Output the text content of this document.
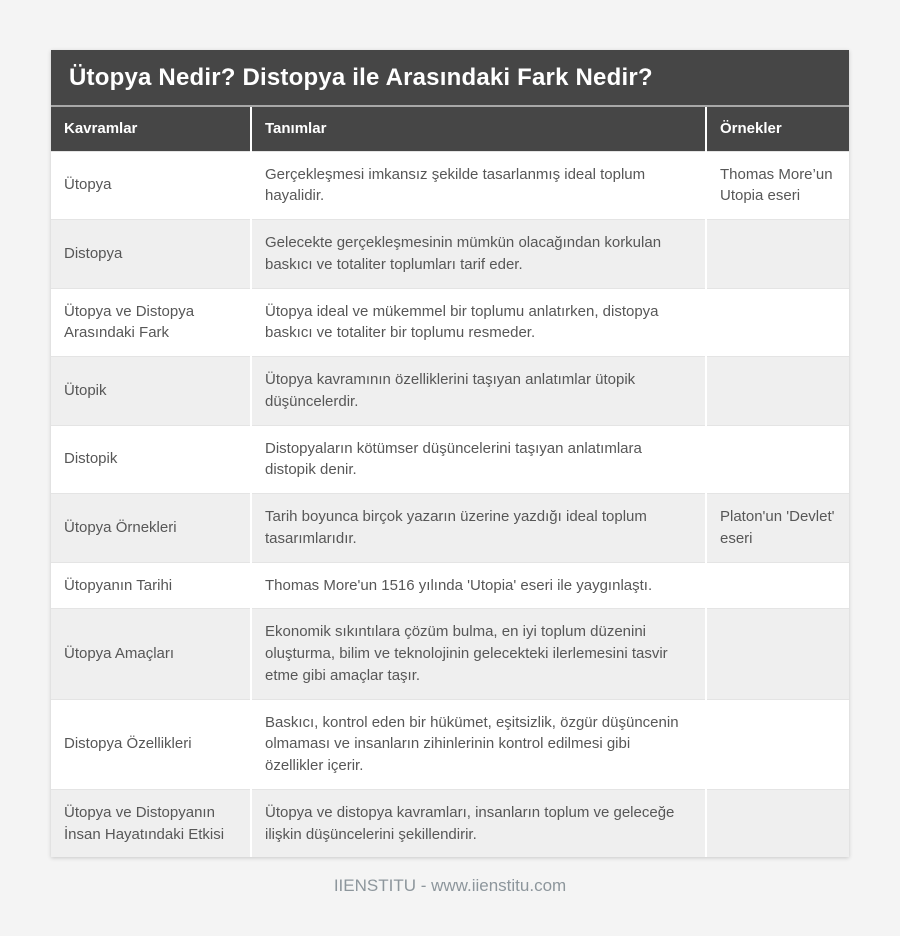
Ütopya Nedir? Distopya ile Arasındaki Fark Nedir?
Kavramlar	Tanımlar	Örnekler
Ütopya	Gerçekleşmesi imkansız şekilde tasarlanmış ideal toplum hayalidir.	Thomas More’un Utopia eseri
Distopya	Gelecekte gerçekleşmesinin mümkün olacağından korkulan baskıcı ve totaliter toplumları tarif eder.	
Ütopya ve Distopya Arasındaki Fark	Ütopya ideal ve mükemmel bir toplumu anlatırken, distopya baskıcı ve totaliter bir toplumu resmeder.	
Ütopik	Ütopya kavramının özelliklerini taşıyan anlatımlar ütopik düşüncelerdir.	
Distopik	Distopyaların kötümser düşüncelerini taşıyan anlatımlara distopik denir.	
Ütopya Örnekleri	Tarih boyunca birçok yazarın üzerine yazdığı ideal toplum tasarımlarıdır.	Platon'un 'Devlet' eseri
Ütopyanın Tarihi	Thomas More'un 1516 yılında 'Utopia' eseri ile yaygınlaştı.	
Ütopya Amaçları	Ekonomik sıkıntılara çözüm bulma, en iyi toplum düzenini oluşturma, bilim ve teknolojinin gelecekteki ilerlemesini tasvir etme gibi amaçlar taşır.	
Distopya Özellikleri	Baskıcı, kontrol eden bir hükümet, eşitsizlik, özgür düşüncenin olmaması ve insanların zihinlerinin kontrol edilmesi gibi özellikler içerir.	
Ütopya ve Distopyanın İnsan Hayatındaki Etkisi	Ütopya ve distopya kavramları, insanların toplum ve geleceğe ilişkin düşüncelerini şekillendirir.	
IIENSTITU - www.iienstitu.com
